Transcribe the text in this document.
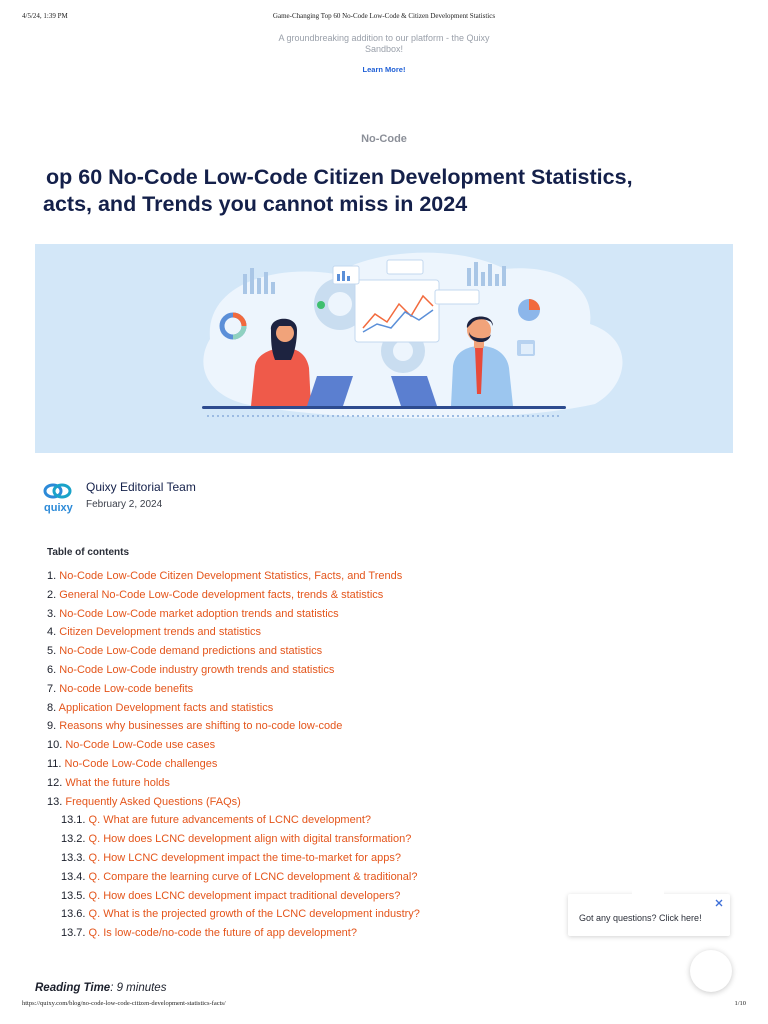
4/5/24, 1:39 PM	Game-Changing Top 60 No-Code Low-Code & Citizen Development Statistics
A groundbreaking addition to our platform - the Quixy Sandbox!
Learn More!
No-Code
op 60 No-Code Low-Code Citizen Development Statistics,
acts, and Trends you cannot miss in 2024
quixy
Quixy Editorial Team
February 2, 2024
Table of contents
1. No-Code Low-Code Citizen Development Statistics, Facts, and Trends
2. General No-Code Low-Code development facts, trends & statistics
3. No-Code Low-Code market adoption trends and statistics
4. Citizen Development trends and statistics
5. No-Code Low-Code demand predictions and statistics
6. No-Code Low-Code industry growth trends and statistics
7. No-code Low-code benefits
8. Application Development facts and statistics
9. Reasons why businesses are shifting to no-code low-code
10. No-Code Low-Code use cases
11. No-Code Low-Code challenges
12. What the future holds
13. Frequently Asked Questions (FAQs)
13.1. Q. What are future advancements of LCNC development?
13.2. Q. How does LCNC development align with digital transformation?
13.3. Q. How LCNC development impact the time-to-market for apps?
13.4. Q. Compare the learning curve of LCNC development & traditional?
13.5. Q. How does LCNC development impact traditional developers?
13.6. Q. What is the projected growth of the LCNC development industry?
13.7. Q. Is low-code/no-code the future of app development?
Reading Time: 9 minutes
Got any questions? Click here!
https://quixy.com/blog/no-code-low-code-citizen-development-statistics-facts/	1/10
